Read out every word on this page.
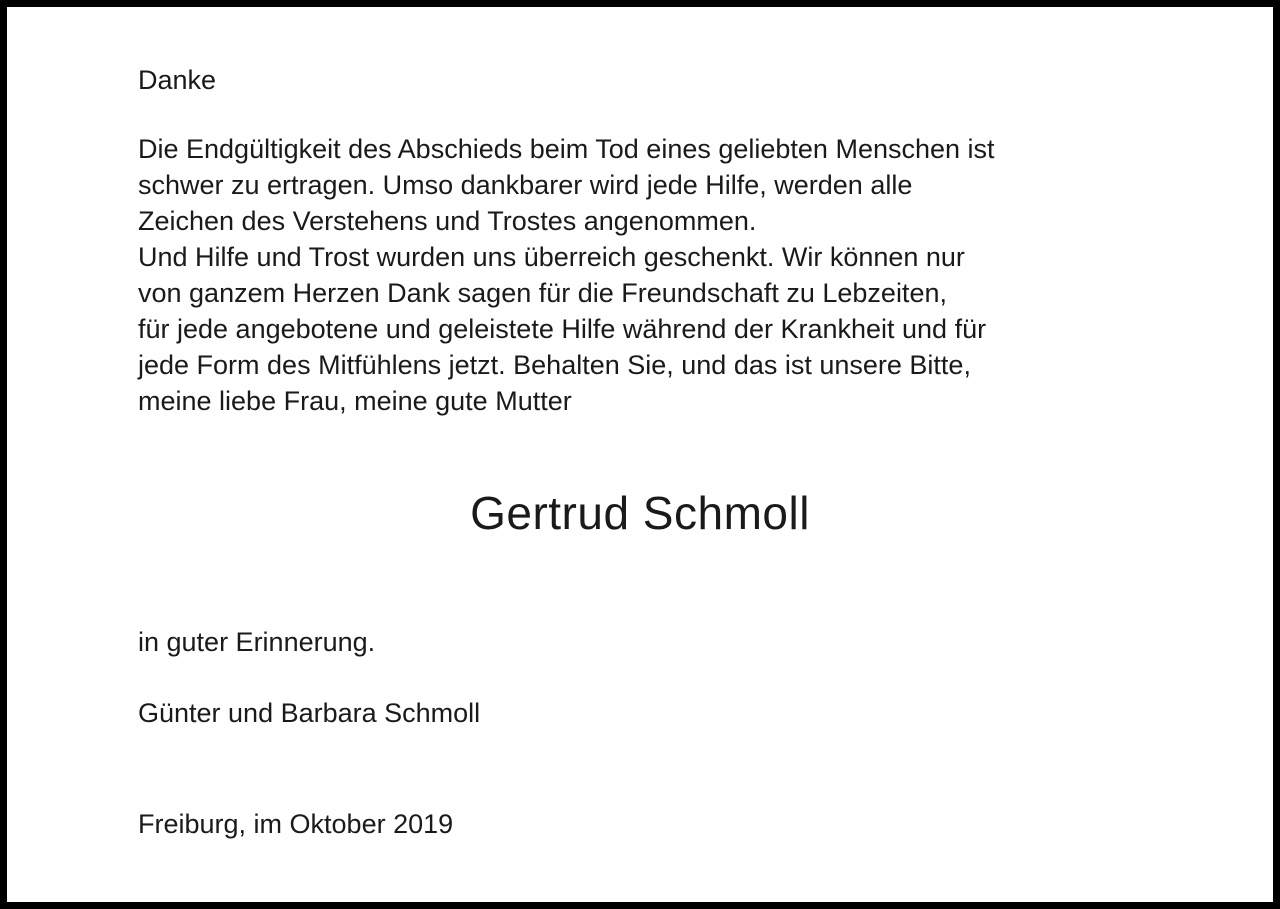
Danke

Die Endgültigkeit des Abschieds beim Tod eines geliebten Menschen ist
schwer zu ertragen. Umso dankbarer wird jede Hilfe, werden alle
Zeichen des Verstehens und Trostes angenommen.
Und Hilfe und Trost wurden uns überreich geschenkt. Wir können nur
von ganzem Herzen Dank sagen für die Freundschaft zu Lebzeiten,
für jede angebotene und geleistete Hilfe während der Krankheit und für
jede Form des Mitfühlens jetzt. Behalten Sie, und das ist unsere Bitte,
meine liebe Frau, meine gute Mutter

Gertrud Schmoll

in guter Erinnerung.

Günter und Barbara Schmoll

Freiburg, im Oktober 2019
